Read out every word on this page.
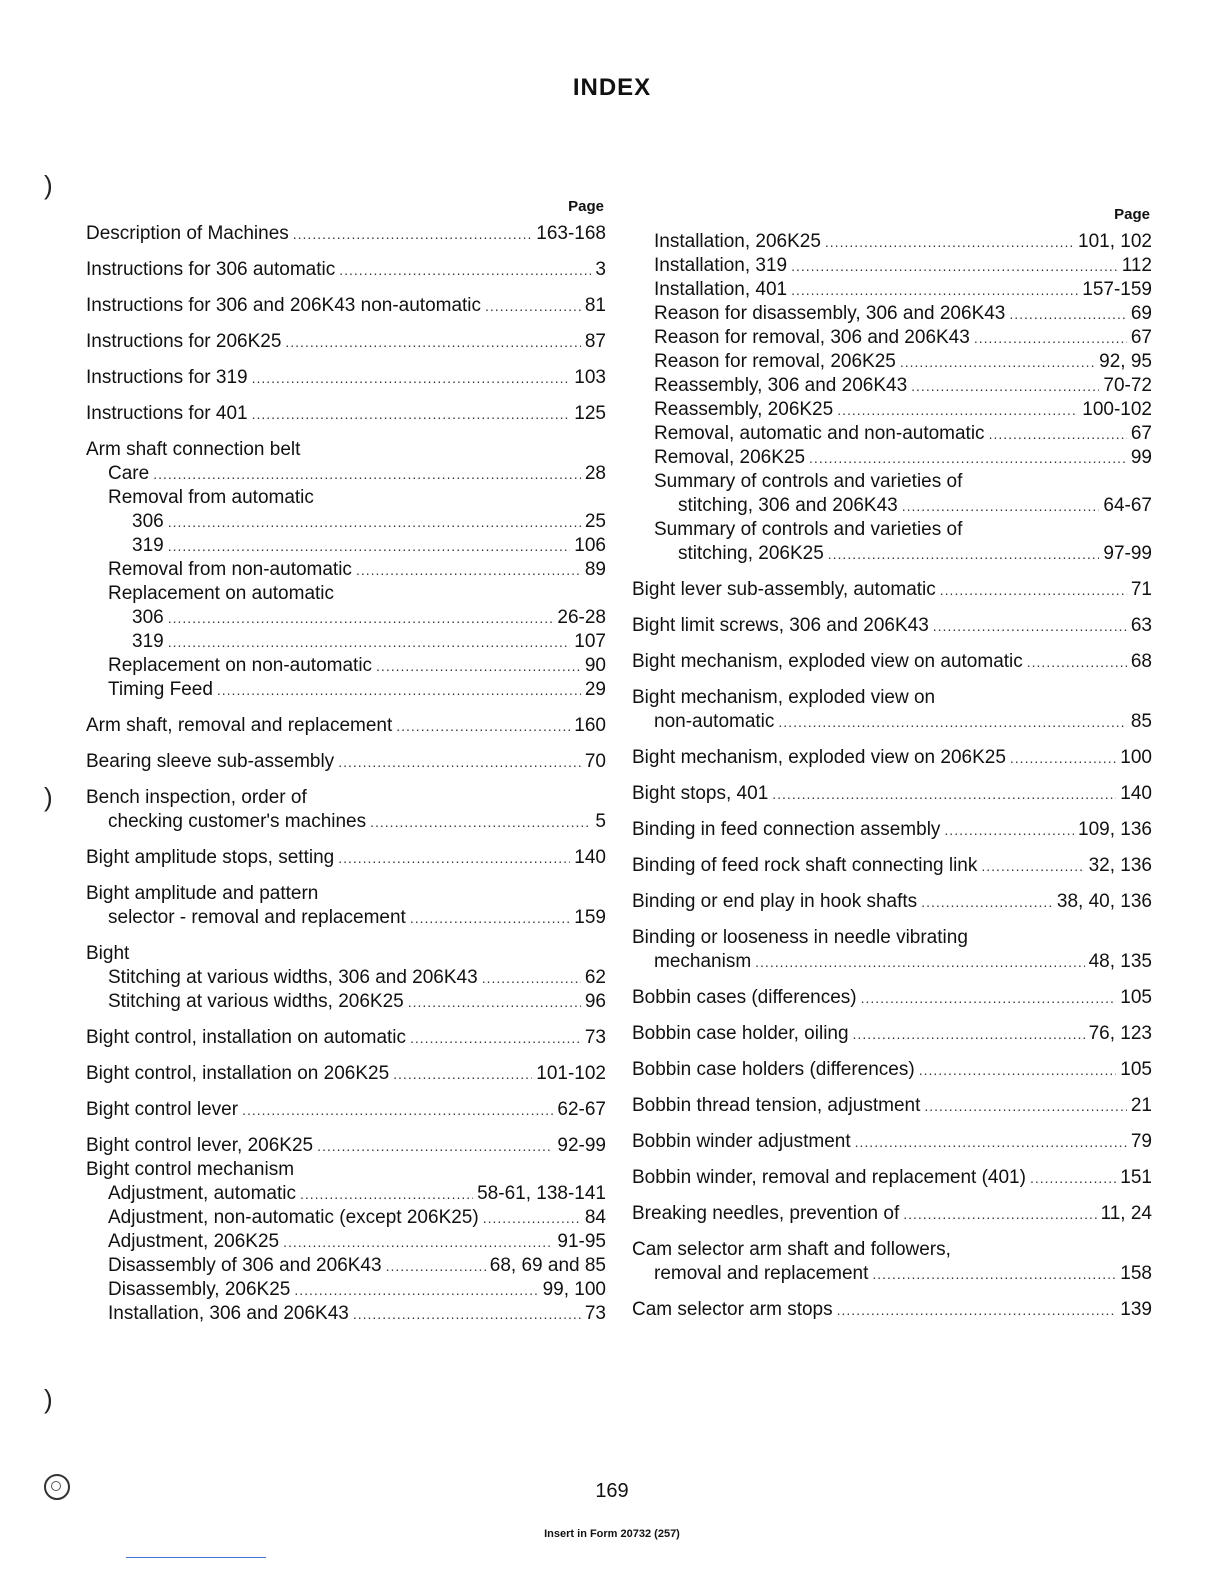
INDEX
)
)
)
Page
Description of Machines .....	163-168
Instructions for 306 automatic .....	3
Instructions for 306 and 206K43 non-automatic .....	81
Instructions for 206K25 .....	87
Instructions for 319 .....	103
Instructions for 401 .....	125
Arm shaft connection belt
Care .....	28
Removal from automatic
306 .....	25
319 .....	106
Removal from non-automatic .....	89
Replacement on automatic
306 .....	26-28
319 .....	107
Replacement on non-automatic .....	90
Timing Feed .....	29
Arm shaft, removal and replacement .....	160
Bearing sleeve sub-assembly .....	70
Bench inspection, order of
checking customer's machines .....	5
Bight amplitude stops, setting .....	140
Bight amplitude and pattern
selector - removal and replacement .....	159
Bight
Stitching at various widths, 306 and 206K43 .....	62
Stitching at various widths, 206K25 .....	96
Bight control, installation on automatic .....	73
Bight control, installation on 206K25 .....	101-102
Bight control lever .....	62-67
Bight control lever, 206K25 .....	92-99
Bight control mechanism
Adjustment, automatic .....	58-61, 138-141
Adjustment, non-automatic (except 206K25) .....	84
Adjustment, 206K25 .....	91-95
Disassembly of 306 and 206K43 .....	68, 69 and 85
Disassembly, 206K25 .....	99, 100
Installation, 306 and 206K43 .....	73
Page
Installation, 206K25 .....	101, 102
Installation, 319 .....	112
Installation, 401 .....	157-159
Reason for disassembly, 306 and 206K43 .....	69
Reason for removal, 306 and 206K43 .....	67
Reason for removal, 206K25 .....	92, 95
Reassembly, 306 and 206K43 .....	70-72
Reassembly, 206K25 .....	100-102
Removal, automatic and non-automatic .....	67
Removal, 206K25 .....	99
Summary of controls and varieties of
stitching, 306 and 206K43 .....	64-67
Summary of controls and varieties of
stitching, 206K25 .....	97-99
Bight lever sub-assembly, automatic .....	71
Bight limit screws, 306 and 206K43 .....	63
Bight mechanism, exploded view on automatic .....	68
Bight mechanism, exploded view on
non-automatic .....	85
Bight mechanism, exploded view on 206K25 .....	100
Bight stops, 401 .....	140
Binding in feed connection assembly .....	109, 136
Binding of feed rock shaft connecting link .....	32, 136
Binding or end play in hook shafts .....	38, 40, 136
Binding or looseness in needle vibrating
mechanism .....	48, 135
Bobbin cases (differences) .....	105
Bobbin case holder, oiling .....	76, 123
Bobbin case holders (differences) .....	105
Bobbin thread tension, adjustment .....	21
Bobbin winder adjustment .....	79
Bobbin winder, removal and replacement (401) .....	151
Breaking needles, prevention of .....	11, 24
Cam selector arm shaft and followers,
removal and replacement .....	158
Cam selector arm stops .....	139
169
Insert in Form 20732 (257)
